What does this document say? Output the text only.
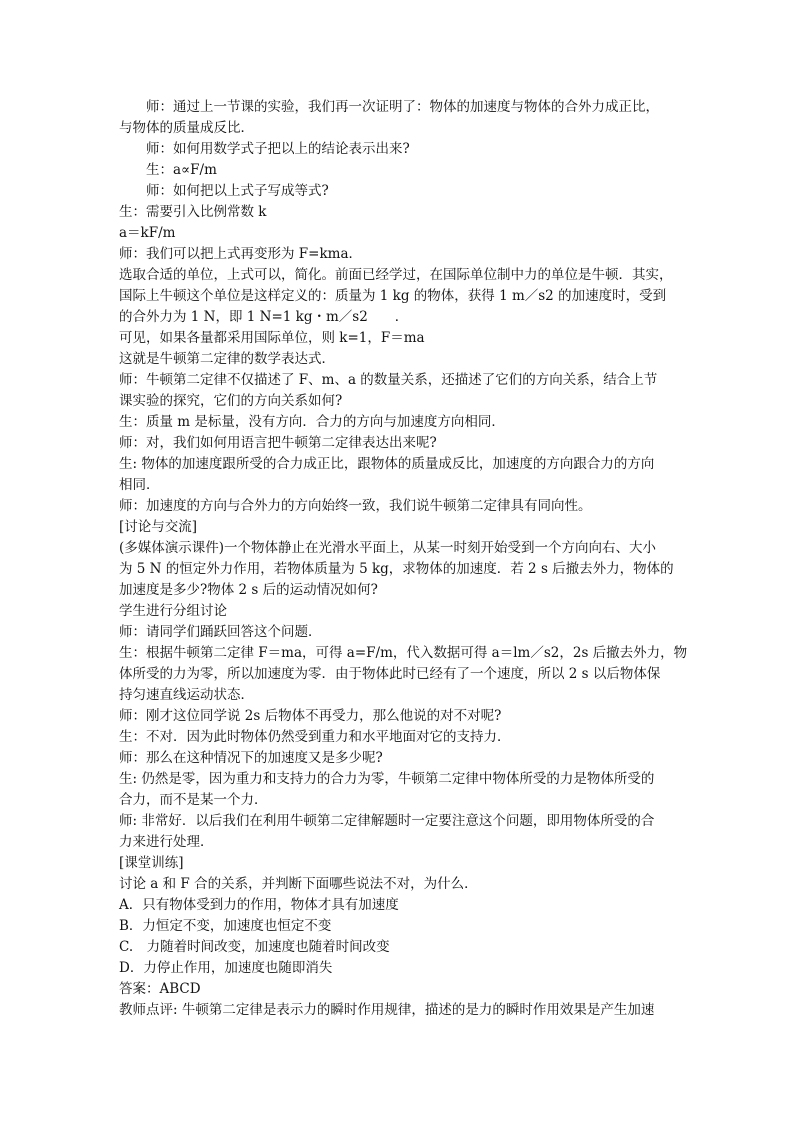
师：通过上一节课的实验，我们再一次证明了：物体的加速度与物体的合外力成正比，
与物体的质量成反比．
师：如何用数学式子把以上的结论表示出来?
生：a∝F/m
师：如何把以上式子写成等式?
生：需要引入比例常数 k
a＝kF/m
师：我们可以把上式再变形为 F=kma．
选取合适的单位，上式可以，简化。前面已经学过，在国际单位制中力的单位是牛顿．其实，
国际上牛顿这个单位是这样定义的：质量为 1 kg 的物体，获得 1 m／s2 的加速度时，受到
的合外力为 1 N，即 1 N=1 kg・m／s2　　．
可见，如果各量都采用国际单位，则 k=1，F＝ma
这就是牛顿第二定律的数学表达式．
师：牛顿第二定律不仅描述了 F、m、a 的数量关系，还描述了它们的方向关系，结合上节
课实验的探究，它们的方向关系如何?
生：质量 m 是标量，没有方向．合力的方向与加速度方向相同．
师：对，我们如何用语言把牛顿第二定律表达出来呢?
生: 物体的加速度跟所受的合力成正比，跟物体的质量成反比，加速度的方向跟合力的方向
相同．
师：加速度的方向与合外力的方向始终一致，我们说牛顿第二定律具有同向性。
[讨论与交流]
(多媒体演示课件)一个物体静止在光滑水平面上，从某一时刻开始受到一个方向向右、大小
为 5 N 的恒定外力作用，若物体质量为 5 kg，求物体的加速度．若 2 s 后撤去外力，物体的
加速度是多少?物体 2 s 后的运动情况如何?
学生进行分组讨论
师：请同学们踊跃回答这个问题．
生：根据牛顿第二定律 F＝ma，可得 a=F/m，代入数据可得 a＝lm／s2，2s 后撤去外力，物
体所受的力为零，所以加速度为零．由于物体此时已经有了一个速度，所以 2 s 以后物体保
持匀速直线运动状态．
师：刚才这位同学说 2s 后物体不再受力，那么他说的对不对呢?
生：不对．因为此时物体仍然受到重力和水平地面对它的支持力．
师：那么在这种情况下的加速度又是多少呢?
生: 仍然是零，因为重力和支持力的合力为零，牛顿第二定律中物体所受的力是物体所受的
合力，而不是某一个力．
师: 非常好．以后我们在利用牛顿第二定律解题时一定要注意这个问题，即用物体所受的合
力来进行处理．
[课堂训练]
讨论 a 和 F 合的关系，并判断下面哪些说法不对，为什么．
A．只有物体受到力的作用，物体才具有加速度
B．力恒定不变，加速度也恒定不变
C.　力随着时间改变，加速度也随着时间改变
D．力停止作用，加速度也随即消失
答案：ABCD
教师点评: 牛顿第二定律是表示力的瞬时作用规律，描述的是力的瞬时作用效果是产生加速
